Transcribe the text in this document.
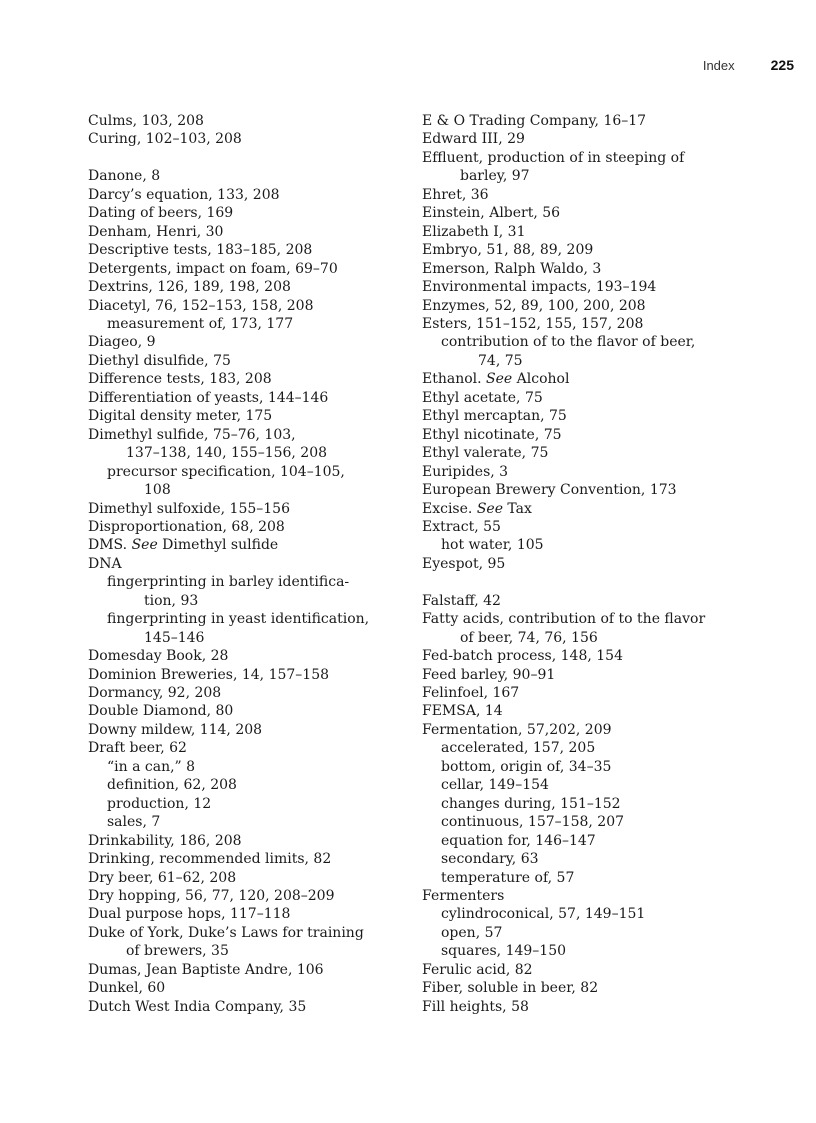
Index	225
Culms, 103, 208
Curing, 102–103, 208
Danone, 8
Darcy’s equation, 133, 208
Dating of beers, 169
Denham, Henri, 30
Descriptive tests, 183–185, 208
Detergents, impact on foam, 69–70
Dextrins, 126, 189, 198, 208
Diacetyl, 76, 152–153, 158, 208
measurement of, 173, 177
Diageo, 9
Diethyl disulfide, 75
Difference tests, 183, 208
Differentiation of yeasts, 144–146
Digital density meter, 175
Dimethyl sulfide, 75–76, 103,
137–138, 140, 155–156, 208
precursor specification, 104–105,
108
Dimethyl sulfoxide, 155–156
Disproportionation, 68, 208
DMS. See Dimethyl sulfide
DNA
fingerprinting in barley identifica-
tion, 93
fingerprinting in yeast identification,
145–146
Domesday Book, 28
Dominion Breweries, 14, 157–158
Dormancy, 92, 208
Double Diamond, 80
Downy mildew, 114, 208
Draft beer, 62
“in a can,” 8
definition, 62, 208
production, 12
sales, 7
Drinkability, 186, 208
Drinking, recommended limits, 82
Dry beer, 61–62, 208
Dry hopping, 56, 77, 120, 208–209
Dual purpose hops, 117–118
Duke of York, Duke’s Laws for training
of brewers, 35
Dumas, Jean Baptiste Andre, 106
Dunkel, 60
Dutch West India Company, 35
E & O Trading Company, 16–17
Edward III, 29
Effluent, production of in steeping of
barley, 97
Ehret, 36
Einstein, Albert, 56
Elizabeth I, 31
Embryo, 51, 88, 89, 209
Emerson, Ralph Waldo, 3
Environmental impacts, 193–194
Enzymes, 52, 89, 100, 200, 208
Esters, 151–152, 155, 157, 208
contribution of to the flavor of beer,
74, 75
Ethanol. See Alcohol
Ethyl acetate, 75
Ethyl mercaptan, 75
Ethyl nicotinate, 75
Ethyl valerate, 75
Euripides, 3
European Brewery Convention, 173
Excise. See Tax
Extract, 55
hot water, 105
Eyespot, 95
Falstaff, 42
Fatty acids, contribution of to the flavor
of beer, 74, 76, 156
Fed-batch process, 148, 154
Feed barley, 90–91
Felinfoel, 167
FEMSA, 14
Fermentation, 57,202, 209
accelerated, 157, 205
bottom, origin of, 34–35
cellar, 149–154
changes during, 151–152
continuous, 157–158, 207
equation for, 146–147
secondary, 63
temperature of, 57
Fermenters
cylindroconical, 57, 149–151
open, 57
squares, 149–150
Ferulic acid, 82
Fiber, soluble in beer, 82
Fill heights, 58
